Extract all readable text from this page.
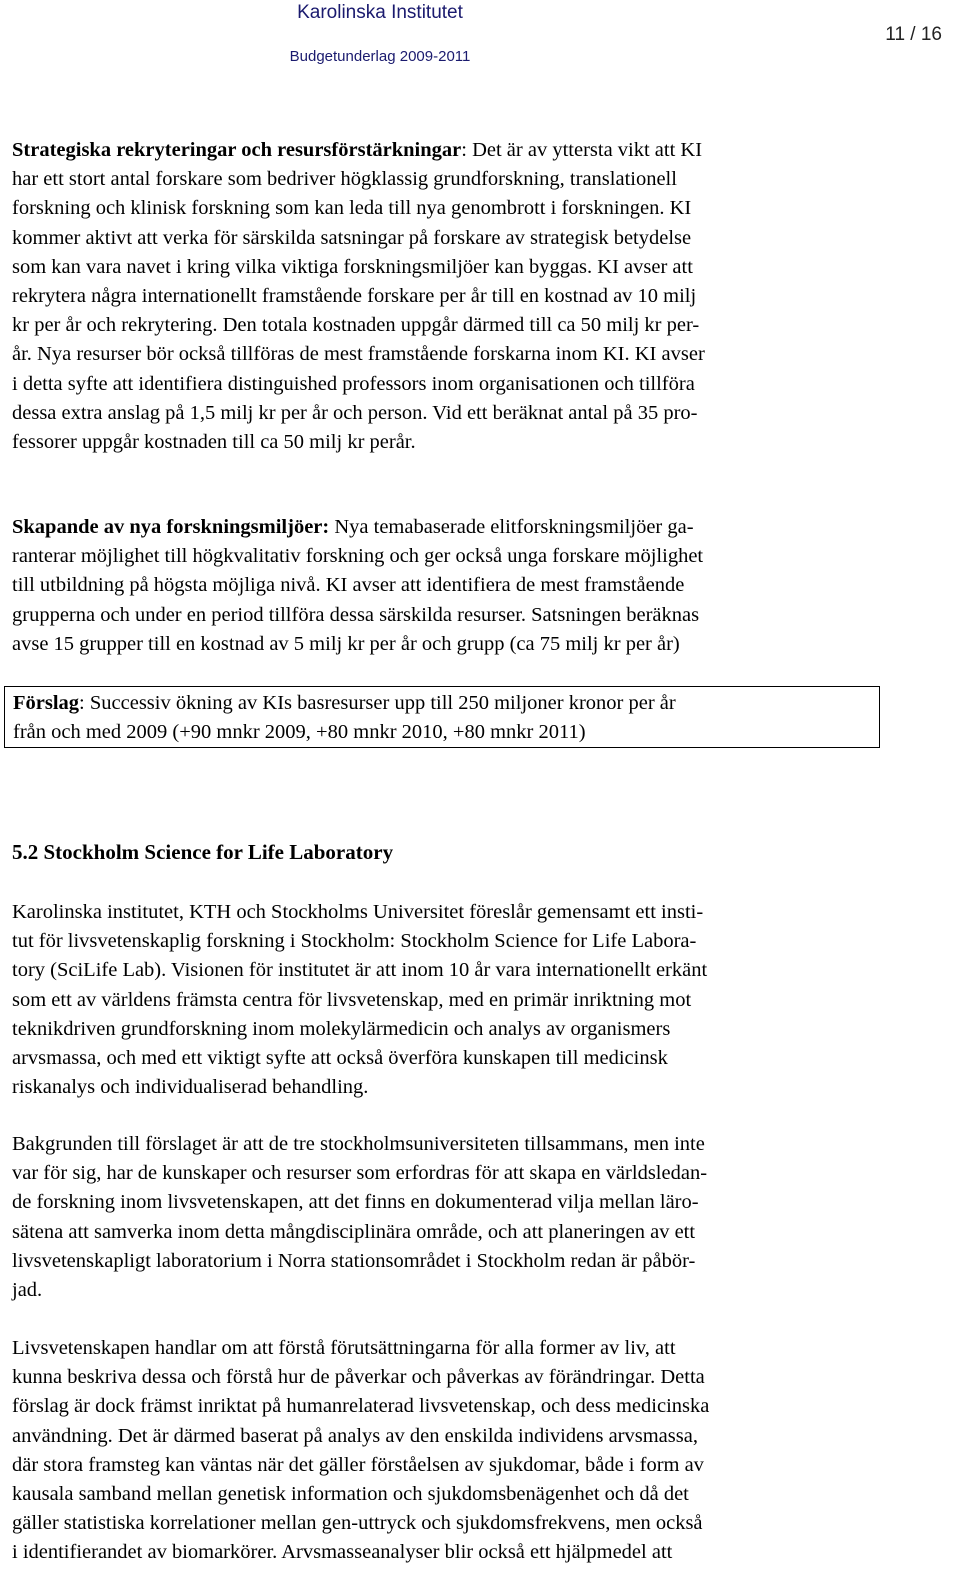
Karolinska Institutet
Budgetunderlag 2009-2011
11 / 16
Strategiska rekryteringar och resursförstärkningar: Det är av yttersta vikt att KI
har ett stort antal forskare som bedriver högklassig grundforskning, translationell
forskning och klinisk forskning som kan leda till nya genombrott i forskningen. KI
kommer aktivt att verka för särskilda satsningar på forskare av strategisk betydelse
som kan vara navet i kring vilka viktiga forskningsmiljöer kan byggas. KI avser att
rekrytera några internationellt framstående forskare per år till en kostnad av 10 milj
kr per år och rekrytering. Den totala kostnaden uppgår därmed till ca 50 milj kr per-
år. Nya resurser bör också tillföras de mest framstående forskarna inom KI. KI avser
i detta syfte att identifiera distinguished professors inom organisationen och tillföra
dessa extra anslag på 1,5 milj kr per år och person. Vid ett beräknat antal på 35 pro-
fessorer uppgår kostnaden till ca 50 milj kr perår.
Skapande av nya forskningsmiljöer: Nya temabaserade elitforskningsmiljöer ga-
ranterar möjlighet till högkvalitativ forskning och ger också unga forskare möjlighet
till utbildning på högsta möjliga nivå. KI avser att identifiera de mest framstående
grupperna och under en period tillföra dessa särskilda resurser. Satsningen beräknas
avse 15 grupper till en kostnad av 5 milj kr per år och grupp (ca 75 milj kr per år)
Förslag: Successiv ökning av KIs basresurser upp till 250 miljoner kronor per år
från och med 2009 (+90 mnkr 2009, +80 mnkr 2010, +80 mnkr 2011)
5.2 Stockholm Science for Life Laboratory
Karolinska institutet, KTH och Stockholms Universitet föreslår gemensamt ett insti-
tut för livsvetenskaplig forskning i Stockholm: Stockholm Science for Life Labora-
tory (SciLife Lab). Visionen för institutet är att inom 10 år vara internationellt erkänt
som ett av världens främsta centra för livsvetenskap, med en primär inriktning mot
teknikdriven grundforskning inom molekylärmedicin och analys av organismers
arvsmassa, och med ett viktigt syfte att också överföra kunskapen till medicinsk
riskanalys och individualiserad behandling.
Bakgrunden till förslaget är att de tre stockholmsuniversiteten tillsammans, men inte
var för sig, har de kunskaper och resurser som erfordras för att skapa en världsledan-
de forskning inom livsvetenskapen, att det finns en dokumenterad vilja mellan läro-
sätena att samverka inom detta mångdisciplinära område, och att planeringen av ett
livsvetenskapligt laboratorium i Norra stationsområdet i Stockholm redan är påbör-
jad.
Livsvetenskapen handlar om att förstå förutsättningarna för alla former av liv, att
kunna beskriva dessa och förstå hur de påverkar och påverkas av förändringar. Detta
förslag är dock främst inriktat på humanrelaterad livsvetenskap, och dess medicinska
användning. Det är därmed baserat på analys av den enskilda individens arvsmassa,
där stora framsteg kan väntas när det gäller förståelsen av sjukdomar, både i form av
kausala samband mellan genetisk information och sjukdomsbenägenhet och då det
gäller statistiska korrelationer mellan gen-uttryck och sjukdomsfrekvens, men också
i identifierandet av biomarkörer. Arvsmasseanalyser blir också ett hjälpmedel att
